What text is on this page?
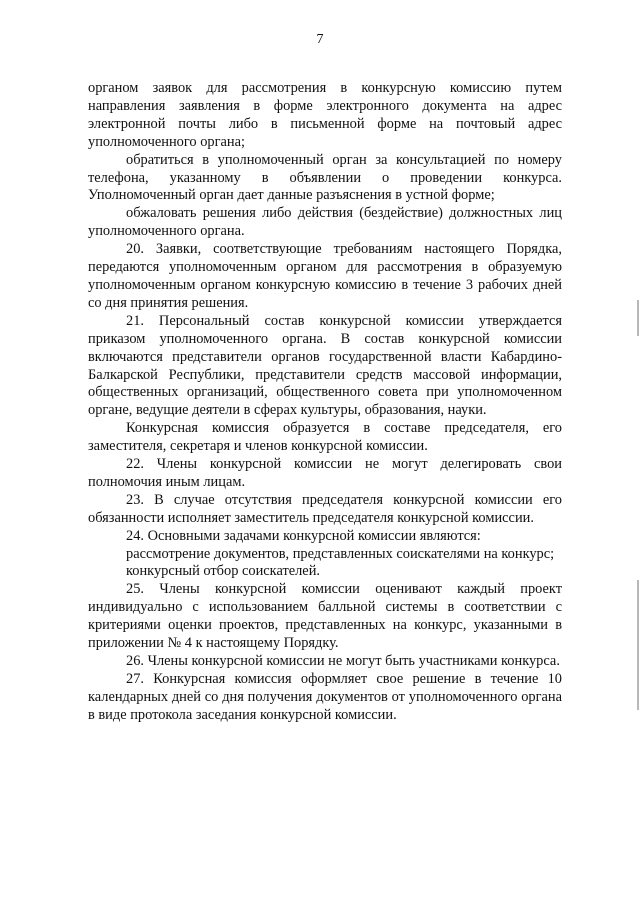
7

органом заявок для рассмотрения в конкурсную комиссию путем направления заявления в форме электронного документа на адрес электронной почты либо в письменной форме на почтовый адрес уполномоченного органа;

обратиться в уполномоченный орган за консультацией по номеру телефона, указанному в объявлении о проведении конкурса. Уполномоченный орган дает данные разъяснения в устной форме;

обжаловать решения либо действия (бездействие) должностных лиц уполномоченного органа.

20. Заявки, соответствующие требованиям настоящего Порядка, передаются уполномоченным органом для рассмотрения в образуемую уполномоченным органом конкурсную комиссию в течение 3 рабочих дней со дня принятия решения.

21. Персональный состав конкурсной комиссии утверждается приказом уполномоченного органа. В состав конкурсной комиссии включаются представители органов государственной власти Кабардино-Балкарской Республики, представители средств массовой информации, общественных организаций, общественного совета при уполномоченном органе, ведущие деятели в сферах культуры, образования, науки.

Конкурсная комиссия образуется в составе председателя, его заместителя, секретаря и членов конкурсной комиссии.

22. Члены конкурсной комиссии не могут делегировать свои полномочия иным лицам.

23. В случае отсутствия председателя конкурсной комиссии его обязанности исполняет заместитель председателя конкурсной комиссии.

24. Основными задачами конкурсной комиссии являются:

рассмотрение документов, представленных соискателями на конкурс;

конкурсный отбор соискателей.

25. Члены конкурсной комиссии оценивают каждый проект индивидуально с использованием балльной системы в соответствии с критериями оценки проектов, представленных на конкурс, указанными в приложении № 4 к настоящему Порядку.

26. Члены конкурсной комиссии не могут быть участниками конкурса.

27. Конкурсная комиссия оформляет свое решение в течение 10 календарных дней со дня получения документов от уполномоченного органа в виде протокола заседания конкурсной комиссии.
